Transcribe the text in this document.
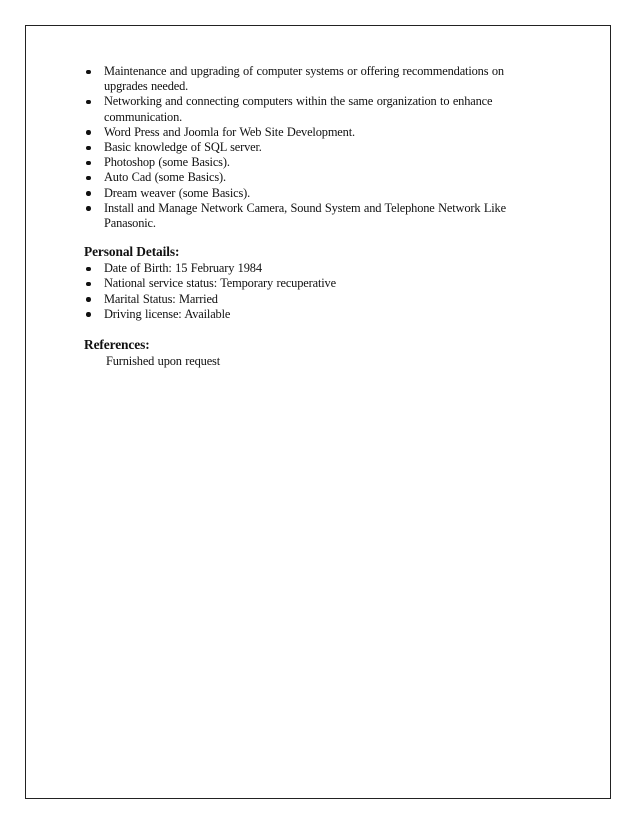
Maintenance and upgrading of computer systems or offering recommendations on upgrades needed.
Networking and connecting computers within the same organization to enhance communication.
Word Press and Joomla for Web Site Development.
Basic knowledge of SQL server.
Photoshop (some Basics).
Auto Cad (some Basics).
Dream weaver (some Basics).
Install and Manage Network Camera, Sound System and Telephone Network Like Panasonic.
Personal Details:
Date of Birth: 15 February 1984
National service status: Temporary recuperative
Marital Status: Married
Driving license: Available
References:
Furnished upon request
